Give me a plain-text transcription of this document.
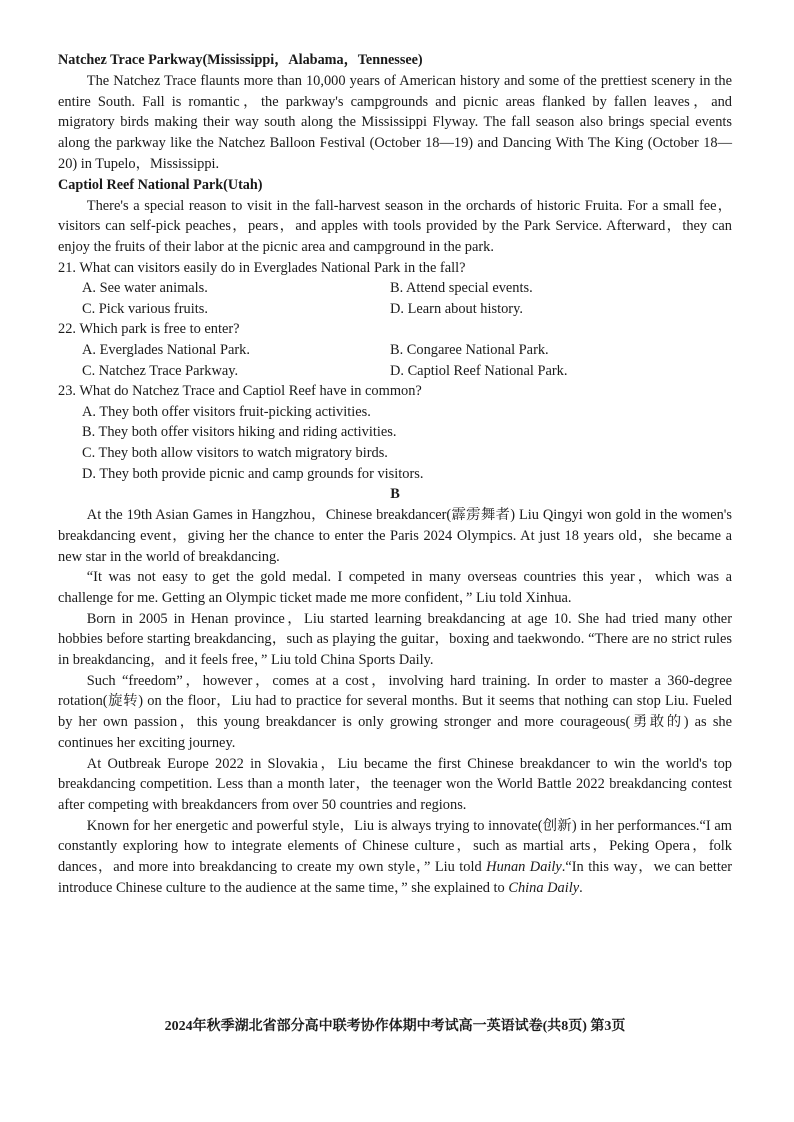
Natchez Trace Parkway(Mississippi，Alabama，Tennessee)

The Natchez Trace flaunts more than 10,000 years of American history and some of the prettiest scenery in the entire South. Fall is romantic，the parkway's campgrounds and picnic areas flanked by fallen leaves，and migratory birds making their way south along the Mississippi Flyway. The fall season also brings special events along the parkway like the Natchez Balloon Festival (October 18—19) and Dancing With The King (October 18—20) in Tupelo，Mississippi.

Captiol Reef National Park(Utah)

There's a special reason to visit in the fall-harvest season in the orchards of historic Fruita. For a small fee，visitors can self-pick peaches，pears，and apples with tools provided by the Park Service. Afterward，they can enjoy the fruits of their labor at the picnic area and campground in the park.

21. What can visitors easily do in Everglades National Park in the fall?

A. See water animals.	B. Attend special events.
C. Pick various fruits.	D. Learn about history.

22. Which park is free to enter?

A. Everglades National Park.	B. Congaree National Park.
C. Natchez Trace Parkway.	D. Captiol Reef National Park.

23. What do Natchez Trace and Captiol Reef have in common?

A. They both offer visitors fruit-picking activities.

B. They both offer visitors hiking and riding activities.

C. They both allow visitors to watch migratory birds.

D. They both provide picnic and camp grounds for visitors.

B

At the 19th Asian Games in Hangzhou，Chinese breakdancer(霹雳舞者) Liu Qingyi won gold in the women's breakdancing event，giving her the chance to enter the Paris 2024 Olympics. At just 18 years old，she became a new star in the world of breakdancing.

“It was not easy to get the gold medal. I competed in many overseas countries this year，which was a challenge for me. Getting an Olympic ticket made me more confident，” Liu told Xinhua.

Born in 2005 in Henan province，Liu started learning breakdancing at age 10. She had tried many other hobbies before starting breakdancing，such as playing the guitar，boxing and taekwondo. “There are no strict rules in breakdancing，and it feels free，” Liu told China Sports Daily.

Such “freedom”，however，comes at a cost，involving hard training. In order to master a 360-degree rotation(旋转) on the floor，Liu had to practice for several months. But it seems that nothing can stop Liu. Fueled by her own passion，this young breakdancer is only growing stronger and more courageous(勇敢的) as she continues her exciting journey.

At Outbreak Europe 2022 in Slovakia，Liu became the first Chinese breakdancer to win the world's top breakdancing competition. Less than a month later，the teenager won the World Battle 2022 breakdancing contest after competing with breakdancers from over 50 countries and regions.

Known for her energetic and powerful style，Liu is always trying to innovate(创新) in her performances.“I am constantly exploring how to integrate elements of Chinese culture，such as martial arts，Peking Opera，folk dances，and more into breakdancing to create my own style，” Liu told Hunan Daily.“In this way，we can better introduce Chinese culture to the audience at the same time，” she explained to China Daily.

2024年秋季湖北省部分高中联考协作体期中考试高一英语试卷(共8页) 第3页
